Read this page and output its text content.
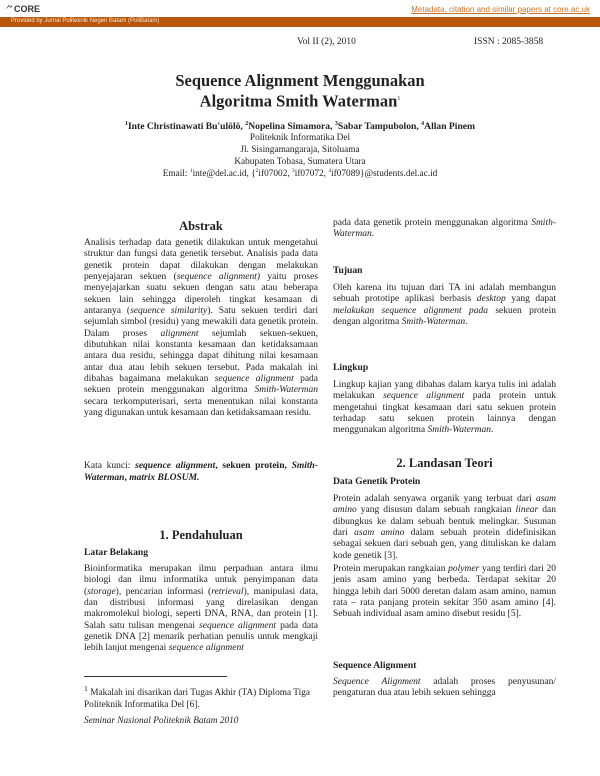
⺈CORE	Metadata, citation and similar papers at core.ac.uk
Provided by Jurnal Politeknik Negeri Batam (PoliBatam)
Vol II (2), 2010	ISSN : 2085-3858
Sequence Alignment Menggunakan
Algoritma Smith Waterman$^1$
$^1$Inte Christinawati Bu'ulölö, $^2$Nopelina Simamora, $^3$Sabar Tampubolon, $^4$Allan Pinem
Politeknik Informatika Del
Jl. Sisingamangaraja, Sitoluama
Kabupaten Tobasa, Sumatera Utara
Email: $^1$inte@del.ac.id, {$^2$if07002, $^3$if07072, $^4$if07089}@students.del.ac.id
Abstrak

Analisis terhadap data genetik dilakukan untuk mengetahui struktur dan fungsi data genetik tersebut. Analisis pada data genetik protein dapat dilakukan dengan melakukan penyejajaran sekuen (sequence alignment) yaitu proses menyejajarkan suatu sekuen dengan satu atau beberapa sekuen lain sehingga diperoleh tingkat kesamaan di antaranya (sequence similarity). Satu sekuen terdiri dari sejumlah simbol (residu) yang mewakili data genetik protein. Dalam proses alignment sejumlah sekuen-sekuen, dibutuhkan nilai konstanta kesamaan dan ketidaksamaan antara dua residu, sehingga dapat dihitung nilai kesamaan antar dua atau lebih sekuen tersebut. Pada makalah ini dibahas bagaimana melakukan sequence alignment pada sekuen protein menggunakan algoritma Smith-Waterman secara terkomputerisari, serta menentukan nilai konstanta yang digunakan untuk kesamaan dan ketidaksamaan residu.

Kata kunci: sequence alignment, sekuen protein, Smith-Waterman, matrix BLOSUM.

1. Pendahuluan
Latar Belakang

Bioinformatika merupakan ilmu perpaduan antara ilmu biologi dan ilmu informatika untuk penyimpanan data (storage), pencarian informasi (retrieval), manipulasi data, dan distribusi informasi yang direlasikan dengan makromolekul biologi, seperti DNA, RNA, dan protein [1]. Salah satu tulisan mengenai sequence alignment pada data genetik DNA [2] menarik perhatian penulis untuk mengkaji lebih lanjut mengenai sequence alignment

$^1$ Makalah ini disarikan dari Tugas Akhir (TA) Diploma Tiga Politeknik Informatika Del [6].
Seminar Nasional Politeknik Batam 2010

pada data genetik protein menggunakan algoritma Smith-Waterman.

Tujuan

Oleh karena itu tujuan dari TA ini adalah membangun sebuah prototipe aplikasi berbasis desktop yang dapat melakukan sequence alignment pada sekuen protein dengan algoritma Smith-Waterman.

Lingkup

Lingkup kajian yang dibahas dalam karya tulis ini adalah melakukan sequence alignment pada protein untuk mengetahui tingkat kesamaan dari satu sekuen protein terhadap satu sekuen protein lainnya dengan menggunakan algoritma Smith-Waterman.

2. Landasan Teori
Data Genetik Protein

Protein adalah senyawa organik yang terbuat dari asam amino yang disusun dalam sebuah rangkaian linear dan dibungkus ke dalam sebuah bentuk melingkar. Susunan dari asam amino dalam sebuah protein didefinisikan sebagai sekuen dari sebuah gen, yang dituliskan ke dalam kode genetik [3].

Protein merupakan rangkaian polymer yang terdiri dari 20 jenis asam amino yang berbeda. Terdapat sekitar 20 hingga lebih dari 5000 deretan dalam asam amino, namun rata – rata panjang protein sekitar 350 asam amino [4]. Sebuah individual asam amino disebut residu [5].

Sequence Alignment

Sequence Alignment adalah proses penyusunan/ pengaturan dua atau lebih sekuen sehingga
